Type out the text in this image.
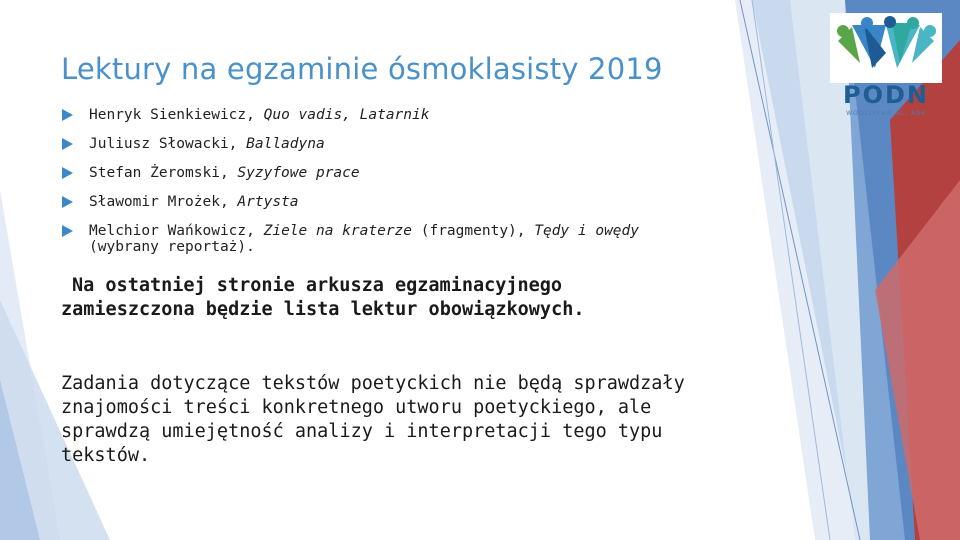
PODN
WODZISŁAW ŚL. ASK
Lektury na egzaminie ósmoklasisty 2019
Henryk Sienkiewicz, Quo vadis, Latarnik
Juliusz Słowacki, Balladyna
Stefan Żeromski, Syzyfowe prace
Sławomir Mrożek, Artysta
Melchior Wańkowicz, Ziele na kraterze (fragmenty), Tędy i owędy (wybrany reportaż).

Na ostatniej stronie arkusza egzaminacyjnego zamieszczona będzie lista lektur obowiązkowych.

Zadania dotyczące tekstów poetyckich nie będą sprawdzały znajomości treści konkretnego utworu poetyckiego, ale sprawdzą umiejętność analizy i interpretacji tego typu tekstów.
